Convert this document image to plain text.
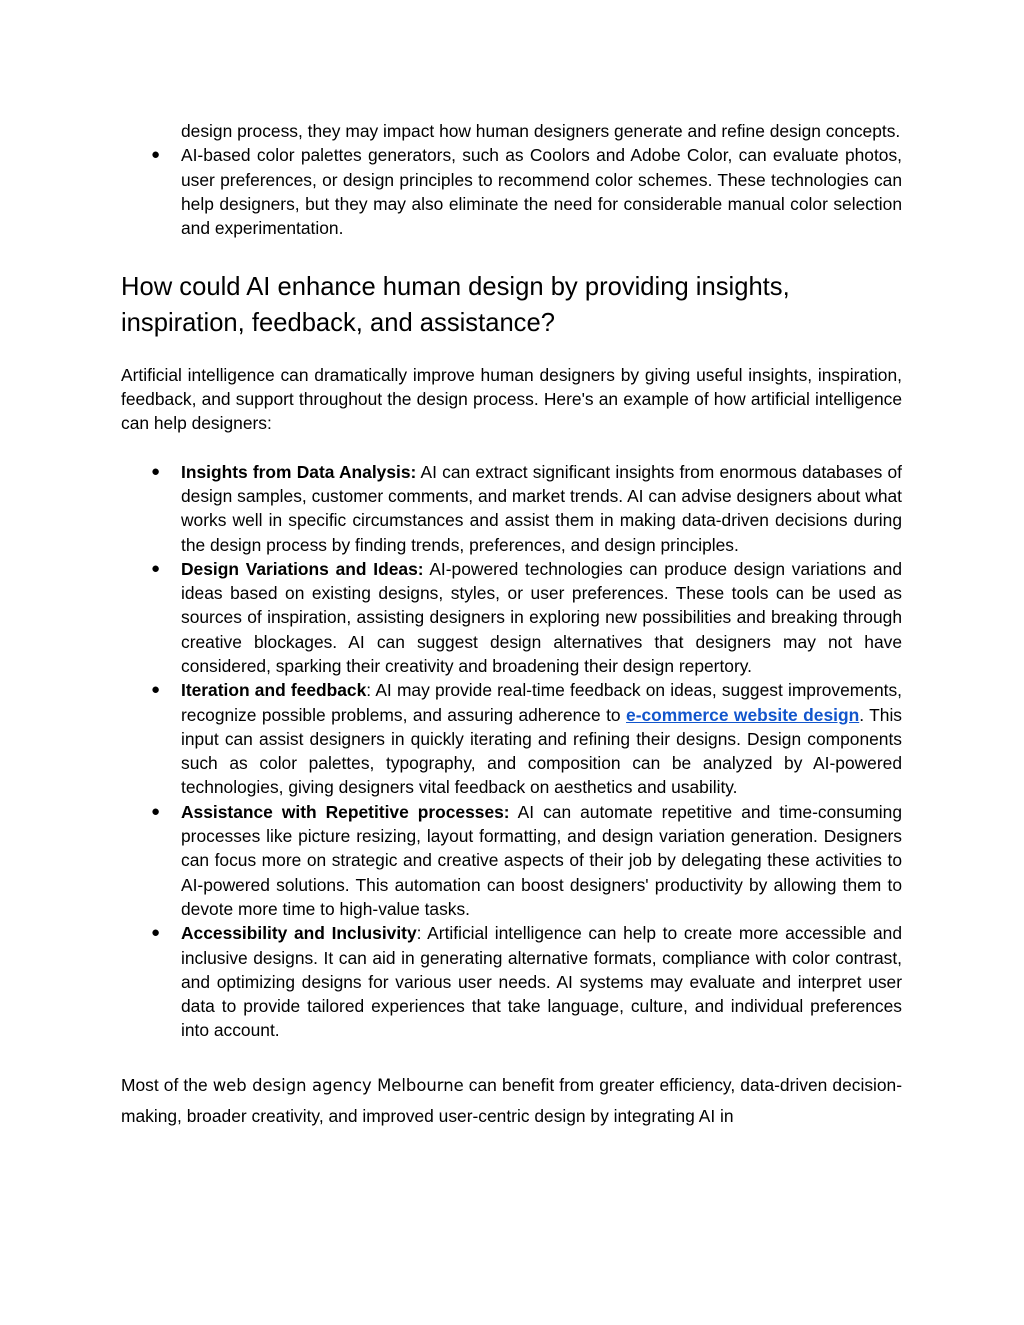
design process, they may impact how human designers generate and refine design concepts.

● AI-based color palettes generators, such as Coolors and Adobe Color, can evaluate photos, user preferences, or design principles to recommend color schemes. These technologies can help designers, but they may also eliminate the need for considerable manual color selection and experimentation.
How could AI enhance human design by providing insights, inspiration, feedback, and assistance?

Artificial intelligence can dramatically improve human designers by giving useful insights, inspiration, feedback, and support throughout the design process. Here's an example of how artificial intelligence can help designers:

● Insights from Data Analysis: AI can extract significant insights from enormous databases of design samples, customer comments, and market trends. AI can advise designers about what works well in specific circumstances and assist them in making data-driven decisions during the design process by finding trends, preferences, and design principles.
● Design Variations and Ideas: AI-powered technologies can produce design variations and ideas based on existing designs, styles, or user preferences. These tools can be used as sources of inspiration, assisting designers in exploring new possibilities and breaking through creative blockages. AI can suggest design alternatives that designers may not have considered, sparking their creativity and broadening their design repertory.
● Iteration and feedback: AI may provide real-time feedback on ideas, suggest improvements, recognize possible problems, and assuring adherence to e-commerce website design. This input can assist designers in quickly iterating and refining their designs. Design components such as color palettes, typography, and composition can be analyzed by AI-powered technologies, giving designers vital feedback on aesthetics and usability.
● Assistance with Repetitive processes: AI can automate repetitive and time-consuming processes like picture resizing, layout formatting, and design variation generation. Designers can focus more on strategic and creative aspects of their job by delegating these activities to AI-powered solutions. This automation can boost designers' productivity by allowing them to devote more time to high-value tasks.
● Accessibility and Inclusivity: Artificial intelligence can help to create more accessible and inclusive designs. It can aid in generating alternative formats, compliance with color contrast, and optimizing designs for various user needs. AI systems may evaluate and interpret user data to provide tailored experiences that take language, culture, and individual preferences into account.

Most of the web design agency Melbourne can benefit from greater efficiency, data-driven decision-making, broader creativity, and improved user-centric design by integrating AI in
